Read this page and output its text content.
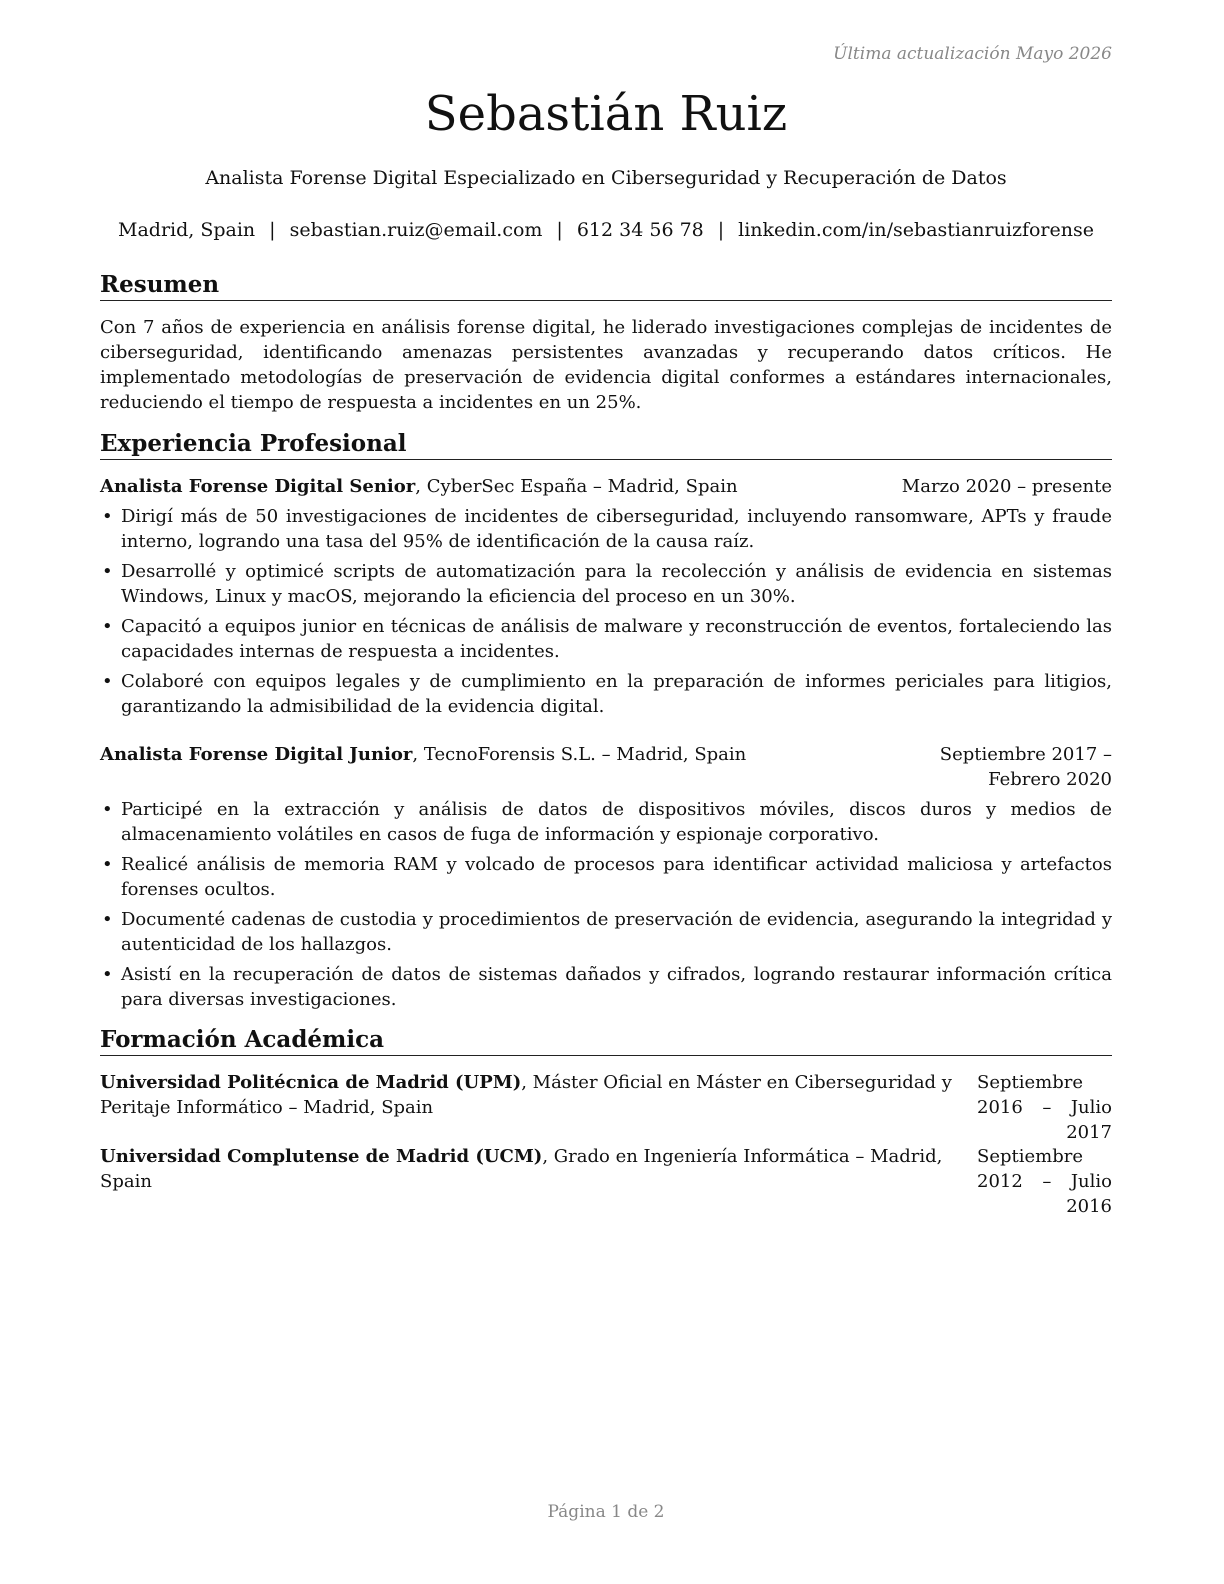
Última actualización Mayo 2026
Sebastián Ruiz
Analista Forense Digital Especializado en Ciberseguridad y Recuperación de Datos
Madrid, Spain | sebastian.ruiz@email.com | 612 34 56 78 | linkedin.com/in/sebastianruizforense
Resumen
Con 7 años de experiencia en análisis forense digital, he liderado investigaciones complejas de incidentes de ciberseguridad, identificando amenazas persistentes avanzadas y recuperando datos críticos. He implementado metodologías de preservación de evidencia digital conformes a estándares internacionales, reduciendo el tiempo de respuesta a incidentes en un 25%.
Experiencia Profesional
Analista Forense Digital Senior, CyberSec España – Madrid, Spain	Marzo 2020 – presente
• Dirigí más de 50 investigaciones de incidentes de ciberseguridad, incluyendo ransomware, APTs y fraude interno, logrando una tasa del 95% de identificación de la causa raíz.
• Desarrollé y optimicé scripts de automatización para la recolección y análisis de evidencia en sistemas Windows, Linux y macOS, mejorando la eficiencia del proceso en un 30%.
• Capacitó a equipos junior en técnicas de análisis de malware y reconstrucción de eventos, fortaleciendo las capacidades internas de respuesta a incidentes.
• Colaboré con equipos legales y de cumplimiento en la preparación de informes periciales para litigios, garantizando la admisibilidad de la evidencia digital.
Analista Forense Digital Junior, TecnoForensis S.L. – Madrid, Spain	Septiembre 2017 – Febrero 2020
• Participé en la extracción y análisis de datos de dispositivos móviles, discos duros y medios de almacenamiento volátiles en casos de fuga de información y espionaje corporativo.
• Realicé análisis de memoria RAM y volcado de procesos para identificar actividad maliciosa y artefactos forenses ocultos.
• Documenté cadenas de custodia y procedimientos de preservación de evidencia, asegurando la integridad y autenticidad de los hallazgos.
• Asistí en la recuperación de datos de sistemas dañados y cifrados, logrando restaurar información crítica para diversas investigaciones.
Formación Académica
Universidad Politécnica de Madrid (UPM), Máster Oficial en Máster en Ciberseguridad y Peritaje Informático – Madrid, Spain
Septiembre 2016 – Julio 2017
Universidad Complutense de Madrid (UCM), Grado en Ingeniería Informática – Madrid, Spain
Septiembre 2012 – Julio 2016
Página 1 de 2
